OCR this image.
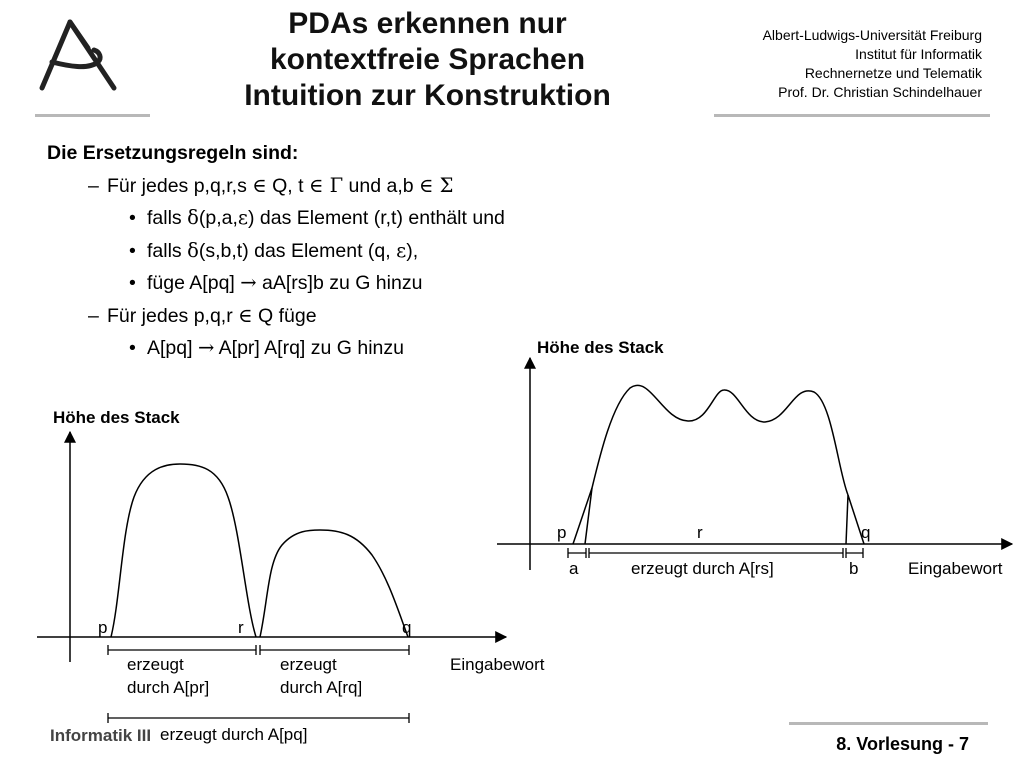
PDAs erkennen nur
kontextfreie Sprachen
Intuition zur Konstruktion
Albert-Ludwigs-Universität Freiburg
Institut für Informatik
Rechnernetze und Telematik
Prof. Dr. Christian Schindelhauer
Die Ersetzungsregeln sind:
– Für jedes p,q,r,s ∈ Q, t ∈ Γ und a,b ∈ Σ
• falls δ(p,a,ε) das Element (r,t) enthält und
• falls δ(s,b,t) das Element (q, ε),
• füge A[pq] → aA[rs]b zu G hinzu
– Für jedes p,q,r ∈ Q füge
• A[pq] → A[pr] A[rq] zu G hinzu	Höhe des Stack
p	r	q
a	erzeugt durch A[rs]	b	Eingabewort
Höhe des Stack
p	r	q
erzeugt
durch A[pr]
erzeugt
durch A[rq]
Eingabewort
erzeugt durch A[pq]
Informatik III	8. Vorlesung - 7
